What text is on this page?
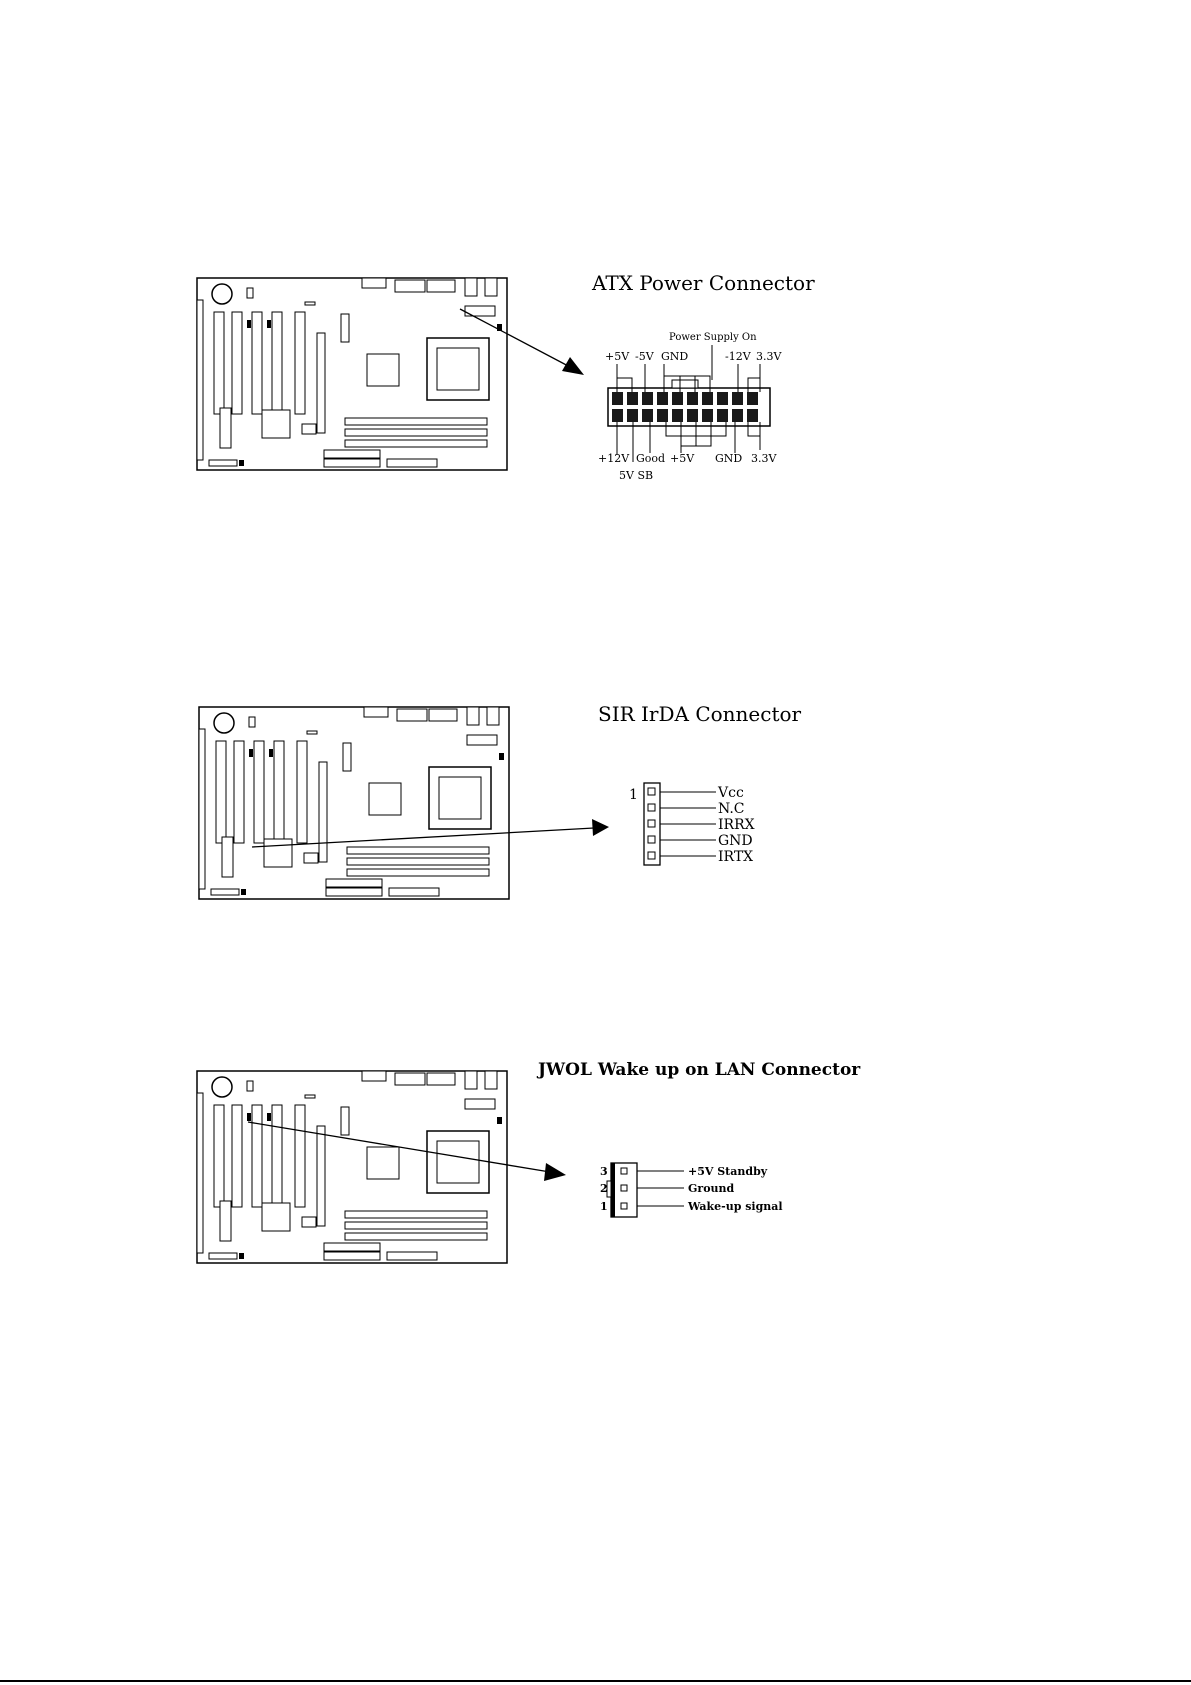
ATX Power Connector
Power Supply On
+5V -5V GND	-12V 3.3V
+12V Good +5V GND 3.3V
5V SB
SIR IrDA Connector
1	Vcc
N.C
IRRX
GND
IRTX
JWOL Wake up on LAN Connector
3
2
1
+5V Standby
Ground
Wake-up signal
